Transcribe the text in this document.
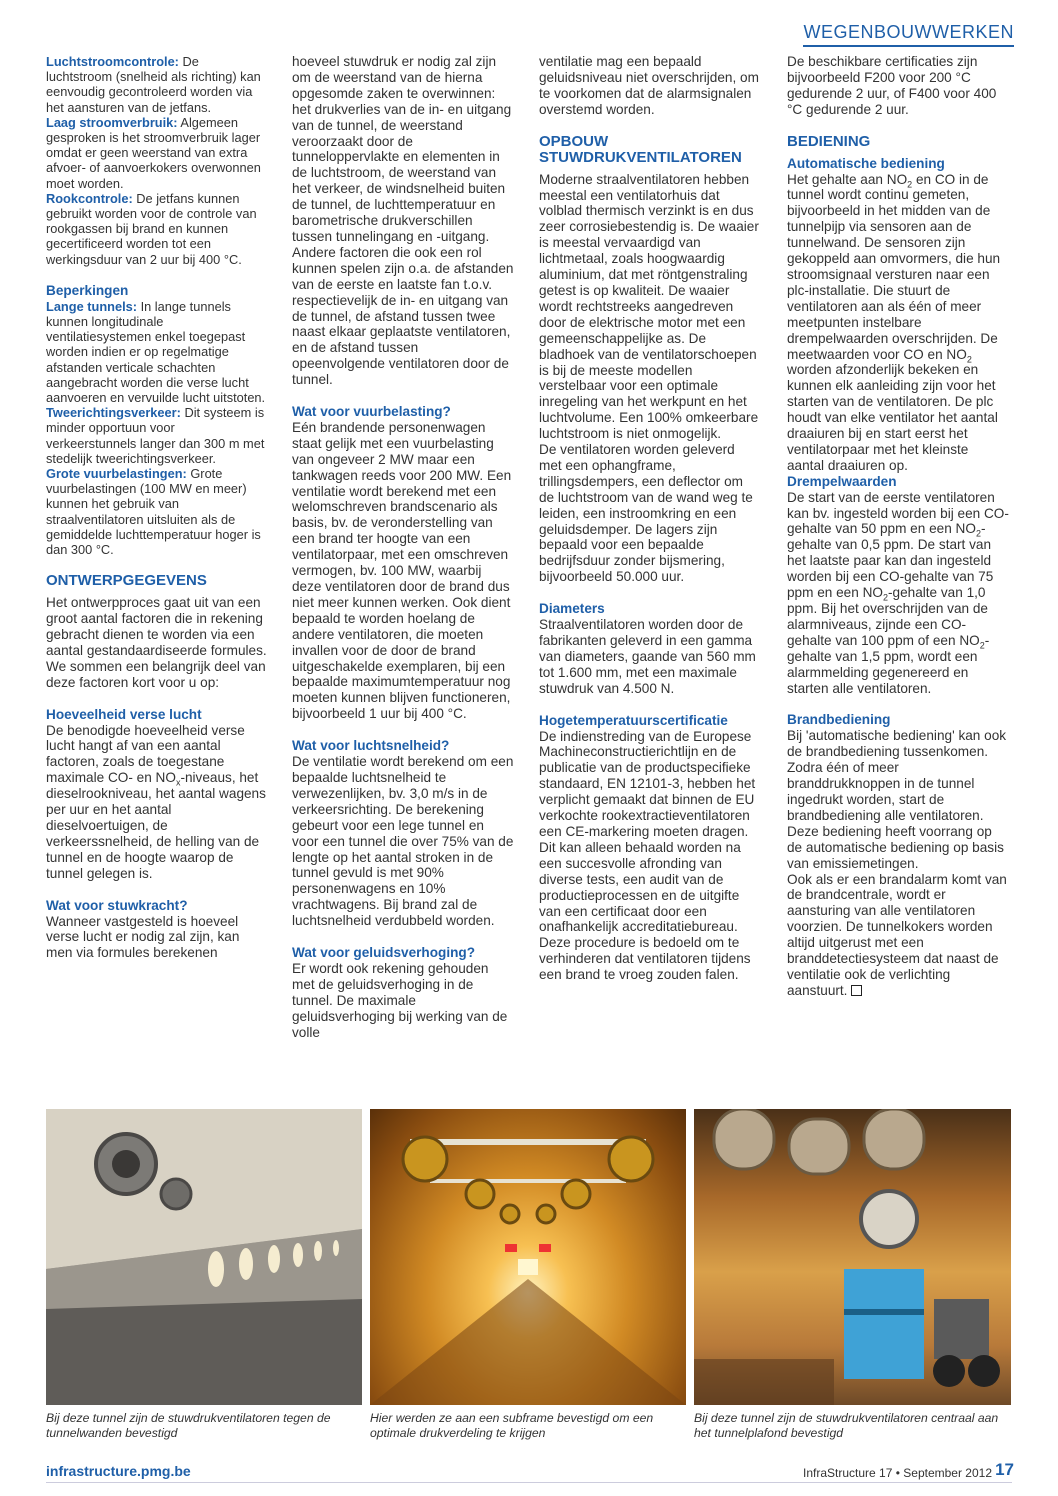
WEGENBOUWWERKEN

Luchtstroomcontrole: De luchtstroom (snelheid als richting) kan eenvoudig gecontroleerd worden via het aansturen van de jetfans.

Laag stroomverbruik: Algemeen gesproken is het stroomverbruik lager omdat er geen weerstand van extra afvoer- of aanvoerkokers overwonnen moet worden.

Rookcontrole: De jetfans kunnen gebruikt worden voor de controle van rookgassen bij brand en kunnen gecertificeerd worden tot een werkingsduur van 2 uur bij 400 °C.

Beperkingen

Lange tunnels: In lange tunnels kunnen longitudinale ventilatiesystemen enkel toegepast worden indien er op regelmatige afstanden verticale schachten aangebracht worden die verse lucht aanvoeren en vervuilde lucht uitstoten.

Tweerichtingsverkeer: Dit systeem is minder opportuun voor verkeerstunnels langer dan 300 m met stedelijk tweerichtingsverkeer.

Grote vuurbelastingen: Grote vuurbelastingen (100 MW en meer) kunnen het gebruik van straalventilatoren uitsluiten als de gemiddelde luchttemperatuur hoger is dan 300 °C.

ONTWERPGEGEVENS

Het ontwerpproces gaat uit van een groot aantal factoren die in rekening gebracht dienen te worden via een aantal gestandaardiseerde formules. We sommen een belangrijk deel van deze factoren kort voor u op:

Hoeveelheid verse lucht

De benodigde hoeveelheid verse lucht hangt af van een aantal factoren, zoals de toegestane maximale CO- en $NO_x$-niveaus, het dieselrookniveau, het aantal wagens per uur en het aantal dieselvoertuigen, de verkeerssnelheid, de helling van de tunnel en de hoogte waarop de tunnel gelegen is.

Wat voor stuwkracht?

Wanneer vastgesteld is hoeveel verse lucht er nodig zal zijn, kan men via formules berekenen

hoeveel stuwdruk er nodig zal zijn om de weerstand van de hierna opgesomde zaken te overwinnen: het drukverlies van de in- en uitgang van de tunnel, de weerstand veroorzaakt door de tunneloppervlakte en elementen in de luchtstroom, de weerstand van het verkeer, de windsnelheid buiten de tunnel, de luchttemperatuur en barometrische drukverschillen tussen tunnelingang en -uitgang. Andere factoren die ook een rol kunnen spelen zijn o.a. de afstanden van de eerste en laatste fan t.o.v. respectievelijk de in- en uitgang van de tunnel, de afstand tussen twee naast elkaar geplaatste ventilatoren, en de afstand tussen opeenvolgende ventilatoren door de tunnel.

Wat voor vuurbelasting?

Eén brandende personenwagen staat gelijk met een vuurbelasting van ongeveer 2 MW maar een tankwagen reeds voor 200 MW. Een ventilatie wordt berekend met een welomschreven brandscenario als basis, bv. de veronderstelling van een brand ter hoogte van een ventilatorpaar, met een omschreven vermogen, bv. 100 MW, waarbij deze ventilatoren door de brand dus niet meer kunnen werken. Ook dient bepaald te worden hoelang de andere ventilatoren, die moeten invallen voor de door de brand uitgeschakelde exemplaren, bij een bepaalde maximumtemperatuur nog moeten kunnen blijven functioneren, bijvoorbeeld 1 uur bij 400 °C.

Wat voor luchtsnelheid?

De ventilatie wordt berekend om een bepaalde luchtsnelheid te verwezenlijken, bv. 3,0 m/s in de verkeersrichting. De berekening gebeurt voor een lege tunnel en voor een tunnel die over 75% van de lengte op het aantal stroken in de tunnel gevuld is met 90% personenwagens en 10% vrachtwagens. Bij brand zal de luchtsnelheid verdubbeld worden.

Wat voor geluidsverhoging?

Er wordt ook rekening gehouden met de geluidsverhoging in de tunnel. De maximale geluidsverhoging bij werking van de volle

ventilatie mag een bepaald geluidsniveau niet overschrijden, om te voorkomen dat de alarmsignalen overstemd worden.

OPBOUW STUWDRUKVENTILATOREN

Moderne straalventilatoren hebben meestal een ventilatorhuis dat volblad thermisch verzinkt is en dus zeer corrosiebestendig is. De waaier is meestal vervaardigd van lichtmetaal, zoals hoogwaardig aluminium, dat met röntgenstraling getest is op kwaliteit. De waaier wordt rechtstreeks aangedreven door de elektrische motor met een gemeenschappelijke as. De bladhoek van de ventilatorschoepen is bij de meeste modellen verstelbaar voor een optimale inregeling van het werkpunt en het luchtvolume. Een 100% omkeerbare luchtstroom is niet onmogelijk.

De ventilatoren worden geleverd met een ophangframe, trillingsdempers, een deflector om de luchtstroom van de wand weg te leiden, een instroomkring en een geluidsdemper. De lagers zijn bepaald voor een bepaalde bedrijfsduur zonder bijsmering, bijvoorbeeld 50.000 uur.

Diameters

Straalventilatoren worden door de fabrikanten geleverd in een gamma van diameters, gaande van 560 mm tot 1.600 mm, met een maximale stuwdruk van 4.500 N.

Hogetemperatuurscertificatie

De indienstreding van de Europese Machineconstructierichtlijn en de publicatie van de productspecifieke standaard, EN 12101-3, hebben het verplicht gemaakt dat binnen de EU verkochte rookextractieventilatoren een CE-markering moeten dragen. Dit kan alleen behaald worden na een succesvolle afronding van diverse tests, een audit van de productieprocessen en de uitgifte van een certificaat door een onafhankelijk accreditatiebureau. Deze procedure is bedoeld om te verhinderen dat ventilatoren tijdens een brand te vroeg zouden falen.

De beschikbare certificaties zijn bijvoorbeeld F200 voor 200 °C gedurende 2 uur, of F400 voor 400 °C gedurende 2 uur.

BEDIENING
Automatische bediening

Het gehalte aan $NO_2$ en CO in de tunnel wordt continu gemeten, bijvoorbeeld in het midden van de tunnelpijp via sensoren aan de tunnelwand. De sensoren zijn gekoppeld aan omvormers, die hun stroomsignaal versturen naar een plc-installatie. Die stuurt de ventilatoren aan als één of meer meetpunten instelbare drempelwaarden overschrijden. De meetwaarden voor CO en $NO_2$ worden afzonderlijk bekeken en kunnen elk aanleiding zijn voor het starten van de ventilatoren. De plc houdt van elke ventilator het aantal draaiuren bij en start eerst het ventilatorpaar met het kleinste aantal draaiuren op.

Drempelwaarden

De start van de eerste ventilatoren kan bv. ingesteld worden bij een CO-gehalte van 50 ppm en een $NO_2$-gehalte van 0,5 ppm. De start van het laatste paar kan dan ingesteld worden bij een CO-gehalte van 75 ppm en een $NO_2$-gehalte van 1,0 ppm. Bij het overschrijden van de alarmniveaus, zijnde een CO-gehalte van 100 ppm of een $NO_2$-gehalte van 1,5 ppm, wordt een alarmmelding gegenereerd en starten alle ventilatoren.

Brandbediening

Bij 'automatische bediening' kan ook de brandbediening tussenkomen. Zodra één of meer branddrukknoppen in de tunnel ingedrukt worden, start de brandbediening alle ventilatoren. Deze bediening heeft voorrang op de automatische bediening op basis van emissiemetingen.

Ook als er een brandalarm komt van de brandcentrale, wordt er aansturing van alle ventilatoren voorzien. De tunnelkokers worden altijd uitgerust met een branddetectiesysteem dat naast de ventilatie ook de verlichting aanstuurt.

Bij deze tunnel zijn de stuwdrukventilatoren tegen de tunnelwanden bevestigd
Hier werden ze aan een subframe bevestigd om een optimale drukverdeling te krijgen
Bij deze tunnel zijn de stuwdrukventilatoren centraal aan het tunnelplafond bevestigd
infrastructure.pmg.be	InfraStructure 17 • September 2012 17
